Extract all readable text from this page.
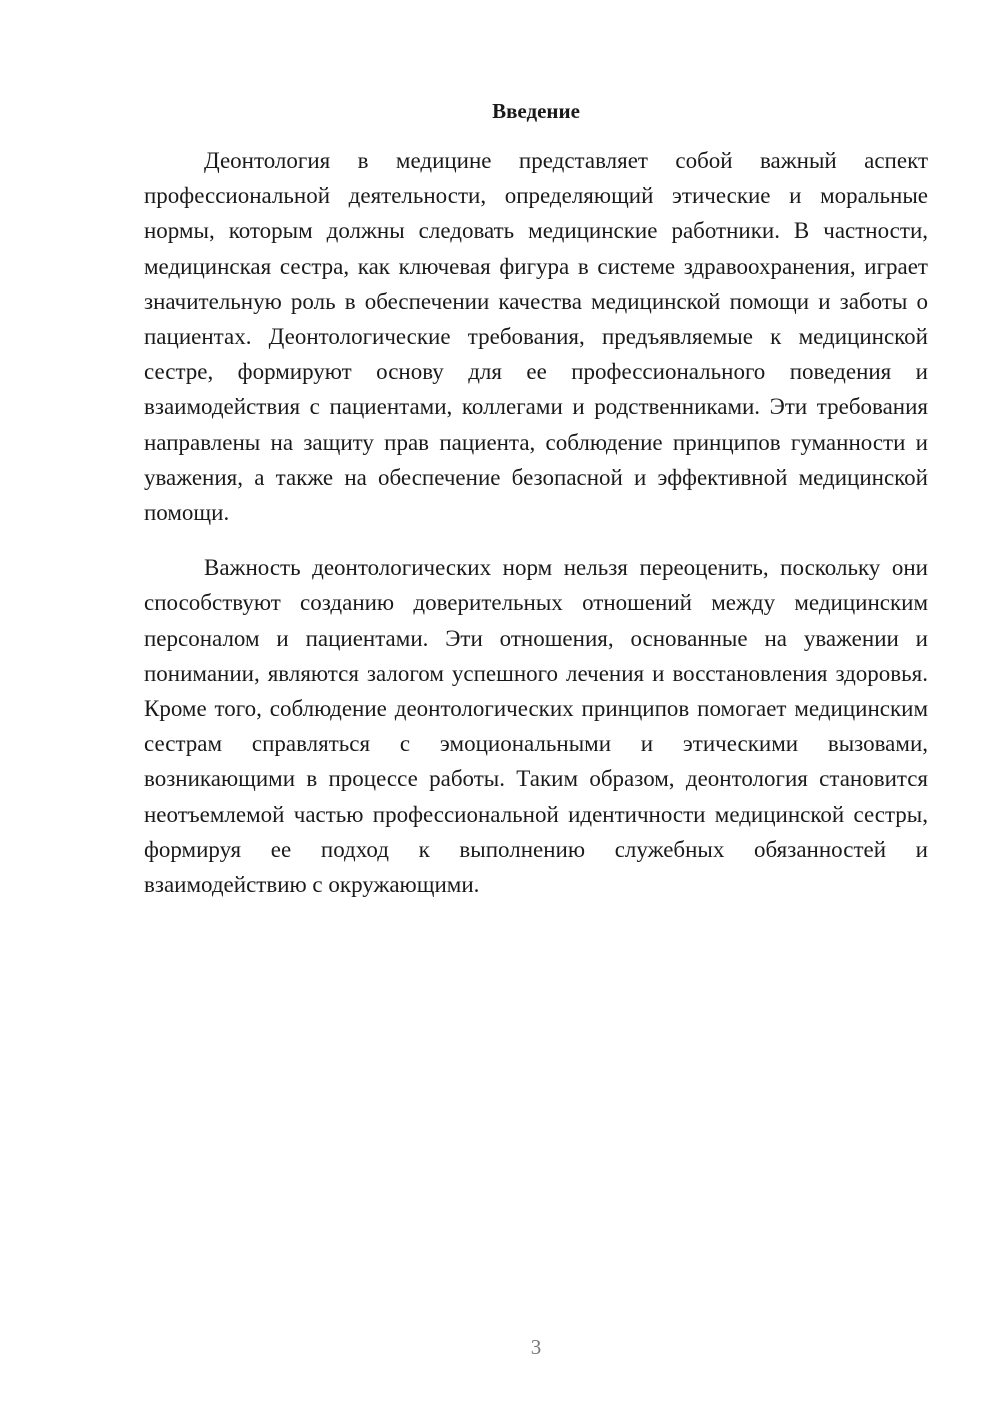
Введение

Деонтология в медицине представляет собой важный аспект профессиональной деятельности, определяющий этические и моральные нормы, которым должны следовать медицинские работники. В частности, медицинская сестра, как ключевая фигура в системе здравоохранения, играет значительную роль в обеспечении качества медицинской помощи и заботы о пациентах. Деонтологические требования, предъявляемые к медицинской сестре, формируют основу для ее профессионального поведения и взаимодействия с пациентами, коллегами и родственниками. Эти требования направлены на защиту прав пациента, соблюдение принципов гуманности и уважения, а также на обеспечение безопасной и эффективной медицинской помощи.

Важность деонтологических норм нельзя переоценить, поскольку они способствуют созданию доверительных отношений между медицинским персоналом и пациентами. Эти отношения, основанные на уважении и понимании, являются залогом успешного лечения и восстановления здоровья. Кроме того, соблюдение деонтологических принципов помогает медицинским сестрам справляться с эмоциональными и этическими вызовами, возникающими в процессе работы. Таким образом, деонтология становится неотъемлемой частью профессиональной идентичности медицинской сестры, формируя ее подход к выполнению служебных обязанностей и взаимодействию с окружающими.

3
